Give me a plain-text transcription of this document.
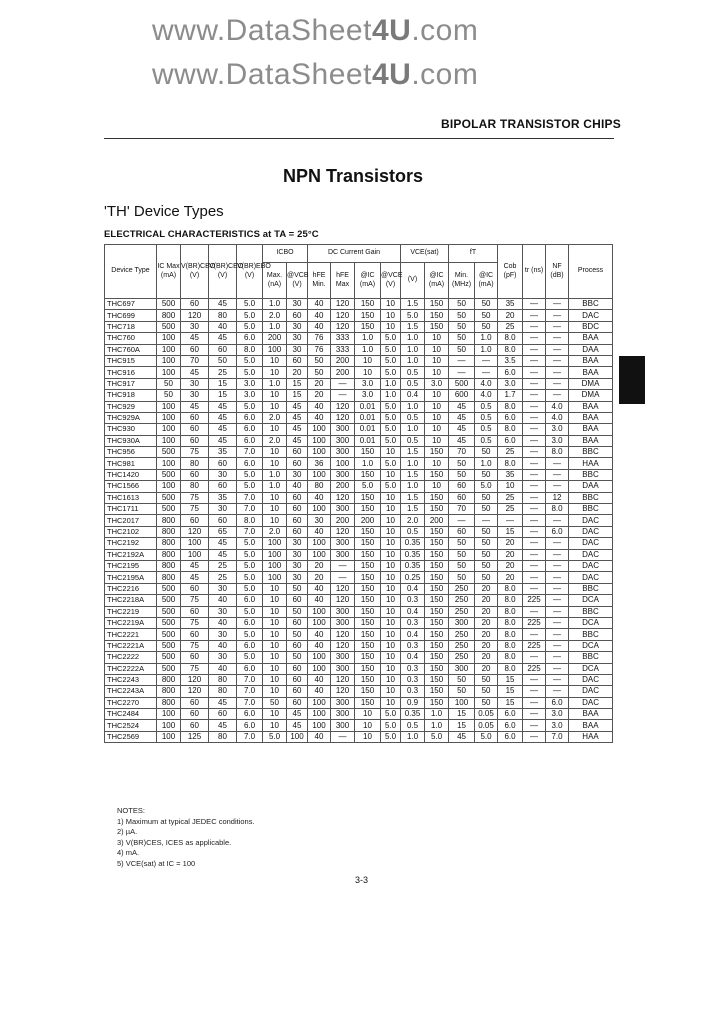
www.DataSheet4U.com
www.DataSheet4U.com
BIPOLAR TRANSISTOR CHIPS
NPN Transistors
'TH' Device Types
ELECTRICAL CHARACTERISTICS at TA = 25°C
Device Type	IC Max (mA)	V(BR)CBO (V)	V(BR)CEO (V)	V(BR)EBO (V)	ICBO		DC Current Gain				VCE(sat)		fT		Cob (pF)	tr (ns)	NF (dB)	Process
					Max. (nA)	@VCB (V)	hFE Min.	hFE Max	@IC (mA)	@VCE (V)	(V)	@IC (mA)	Min. (MHz)	@IC (mA)				
THC697	500	60	45	5.0	1.0	30	40	120	150	10	1.5	150	50	50	35	—	—	BBC
THC699	800	120	80	5.0	2.0	60	40	120	150	10	5.0	150	50	50	20	—	—	DAC
THC718	500	30	40	5.0	1.0	30	40	120	150	10	1.5	150	50	50	25	—	—	BDC
THC760	100	45	45	6.0	200	30	76	333	1.0	5.0	1.0	10	50	1.0	8.0	—	—	BAA
THC760A	100	60	60	8.0	100	30	76	333	1.0	5.0	1.0	10	50	1.0	8.0	—	—	DAA
THC915	100	70	50	5.0	10	60	50	200	10	5.0	1.0	10	—	—	3.5	—	—	BAA
THC916	100	45	25	5.0	10	20	50	200	10	5.0	0.5	10	—	—	6.0	—	—	BAA
THC917	50	30	15	3.0	1.0	15	20	—	3.0	1.0	0.5	3.0	500	4.0	3.0	—	—	DMA
THC918	50	30	15	3.0	10	15	20	—	3.0	1.0	0.4	10	600	4.0	1.7	—	—	DMA
THC929	100	45	45	5.0	10	45	40	120	0.01	5.0	1.0	10	45	0.5	8.0	—	4.0	BAA
THC929A	100	60	45	6.0	2.0	45	40	120	0.01	5.0	0.5	10	45	0.5	6.0	—	4.0	BAA
THC930	100	60	45	6.0	10	45	100	300	0.01	5.0	1.0	10	45	0.5	8.0	—	3.0	BAA
THC930A	100	60	45	6.0	2.0	45	100	300	0.01	5.0	0.5	10	45	0.5	6.0	—	3.0	BAA
THC956	500	75	35	7.0	10	60	100	300	150	10	1.5	150	70	50	25	—	8.0	BBC
THC981	100	80	60	6.0	10	60	36	100	1.0	5.0	1.0	10	50	1.0	8.0	—	—	HAA
THC1420	500	60	30	5.0	1.0	30	100	300	150	10	1.5	150	50	50	35	—	—	BBC
THC1566	100	80	60	5.0	1.0	40	80	200	5.0	5.0	1.0	10	60	5.0	10	—	—	DAA
THC1613	500	75	35	7.0	10	60	40	120	150	10	1.5	150	60	50	25	—	12	BBC
THC1711	500	75	30	7.0	10	60	100	300	150	10	1.5	150	70	50	25	—	8.0	BBC
THC2017	800	60	60	8.0	10	60	30	200	200	10	2.0	200	—	—	—	—	—	DAC
THC2102	800	120	65	7.0	2.0	60	40	120	150	10	0.5	150	60	50	15	—	6.0	DAC
THC2192	800	100	45	5.0	100	30	100	300	150	10	0.35	150	50	50	20	—	—	DAC
THC2192A	800	100	45	5.0	100	30	100	300	150	10	0.35	150	50	50	20	—	—	DAC
THC2195	800	45	25	5.0	100	30	20	—	150	10	0.35	150	50	50	20	—	—	DAC
THC2195A	800	45	25	5.0	100	30	20	—	150	10	0.25	150	50	50	20	—	—	DAC
THC2216	500	60	30	5.0	10	50	40	120	150	10	0.4	150	250	20	8.0	—	—	BBC
THC2218A	500	75	40	6.0	10	60	40	120	150	10	0.3	150	250	20	8.0	225	—	DCA
THC2219	500	60	30	5.0	10	50	100	300	150	10	0.4	150	250	20	8.0	—	—	BBC
THC2219A	500	75	40	6.0	10	60	100	300	150	10	0.3	150	300	20	8.0	225	—	DCA
THC2221	500	60	30	5.0	10	50	40	120	150	10	0.4	150	250	20	8.0	—	—	BBC
THC2221A	500	75	40	6.0	10	60	40	120	150	10	0.3	150	250	20	8.0	225	—	DCA
THC2222	500	60	30	5.0	10	50	100	300	150	10	0.4	150	250	20	8.0	—	—	BBC
THC2222A	500	75	40	6.0	10	60	100	300	150	10	0.3	150	300	20	8.0	225	—	DCA
THC2243	800	120	80	7.0	10	60	40	120	150	10	0.3	150	50	50	15	—	—	DAC
THC2243A	800	120	80	7.0	10	60	40	120	150	10	0.3	150	50	50	15	—	—	DAC
THC2270	800	60	45	7.0	50	60	100	300	150	10	0.9	150	100	50	15	—	6.0	DAC
THC2484	100	60	60	6.0	10	45	100	300	10	5.0	0.35	1.0	15	0.05	6.0	—	3.0	BAA
THC2524	100	60	45	6.0	10	45	100	300	10	5.0	0.5	1.0	15	0.05	6.0	—	3.0	BAA
THC2569	100	125	80	7.0	5.0	100	40	—	10	5.0	1.0	5.0	45	5.0	6.0	—	7.0	HAA
NOTES:
1) Maximum at typical JEDEC conditions.
2) µA.
3) V(BR)CES, ICES as applicable.
4) mA.
5) VCE(sat) at IC = 100
3-3
